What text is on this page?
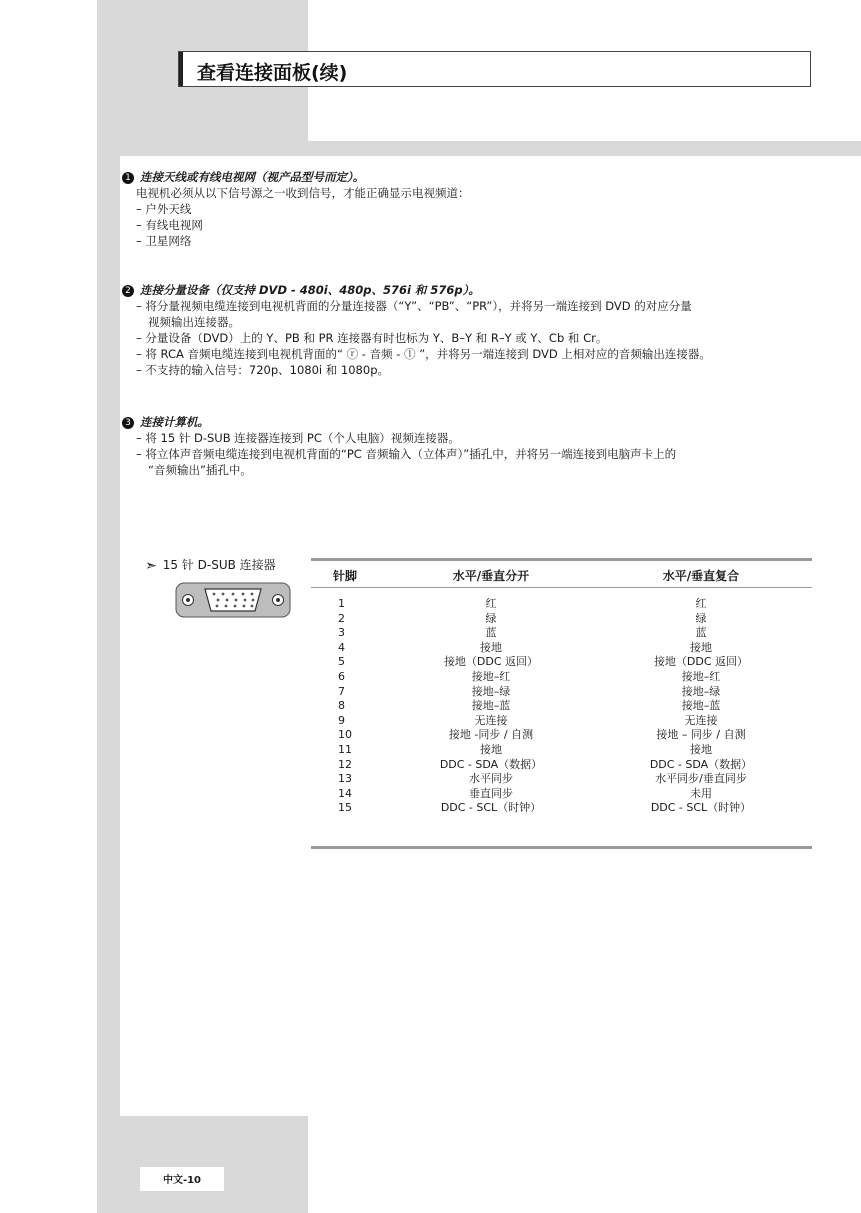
查看连接面板(续)
1 连接天线或有线电视网（视产品型号而定）。
电视机必须从以下信号源之一收到信号，才能正确显示电视频道：
– 户外天线
– 有线电视网
– 卫星网络
2 连接分量设备（仅支持 DVD - 480i、480p、576i 和 576p）。
– 将分量视频电缆连接到电视机背面的分量连接器（“Y”、“PB”、“PR”），并将另一端连接到 DVD 的对应分量
视频输出连接器。
– 分量设备（DVD）上的 Y、PB 和 PR 连接器有时也标为 Y、B–Y 和 R–Y 或 Y、Cb 和 Cr。
– 将 RCA 音频电缆连接到电视机背面的“ ⓡ - 音频 - ⓛ ”，并将另一端连接到 DVD 上相对应的音频输出连接器。
– 不支持的输入信号：720p、1080i 和 1080p。
3 连接计算机。
– 将 15 针 D-SUB 连接器连接到 PC（个人电脑）视频连接器。
– 将立体声音频电缆连接到电视机背面的“PC 音频输入（立体声）”插孔中，并将另一端连接到电脑声卡上的
“音频输出”插孔中。
➣ 15 针 D-SUB 连接器
针脚	水平/垂直分开	水平/垂直复合
1	红	红
2	绿	绿
3	蓝	蓝
4	接地	接地
5	接地（DDC 返回）	接地（DDC 返回）
6	接地–红	接地–红
7	接地–绿	接地–绿
8	接地–蓝	接地–蓝
9	无连接	无连接
10	接地 -同步 / 自测	接地 – 同步 / 自测
11	接地	接地
12	DDC - SDA（数据）	DDC - SDA（数据）
13	水平同步	水平同步/垂直同步
14	垂直同步	未用
15	DDC - SCL（时钟）	DDC - SCL（时钟）
中文-10
